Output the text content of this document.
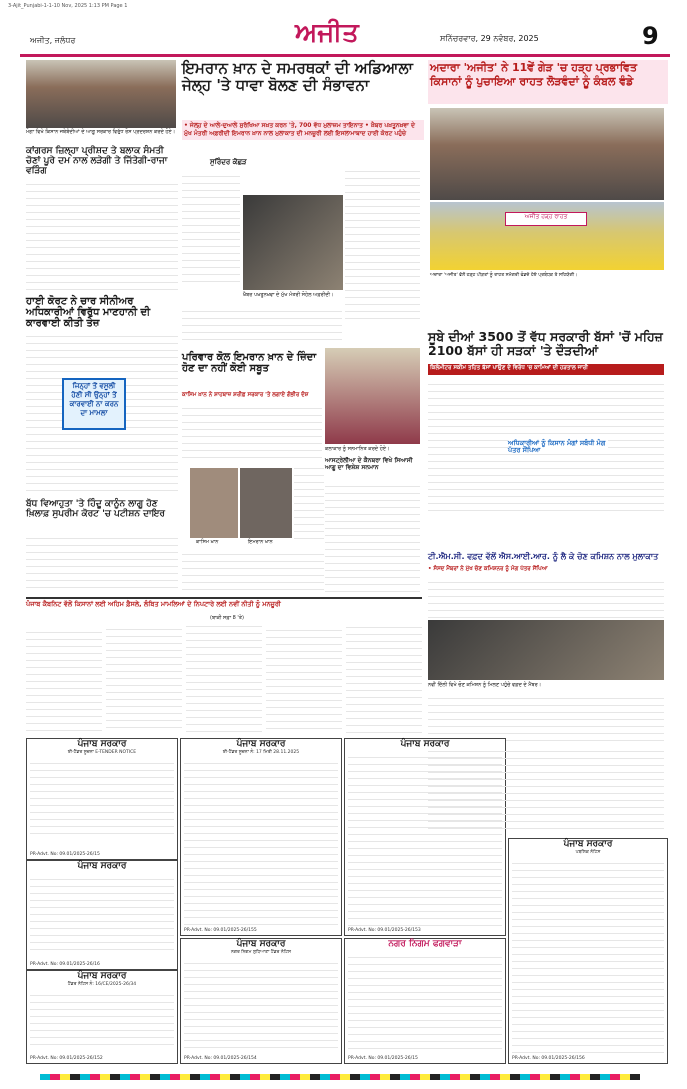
3-Ajit_Punjabi-1-1-10 Nov, 2025 1:13 PM Page 1
ਅਜੀਤ, ਜਲੰਧਰ	ਅਜੀਤ	ਸਨਿੱਚਰਵਾਰ, 29 ਨਵੰਬਰ, 2025	9
ਮੋਗਾ ਵਿਖੇ ਕਿਸਾਨ ਜਥੇਬੰਦੀਆਂ ਦੇ ਆਗੂ ਸਰਕਾਰ ਵਿਰੁੱਧ ਰੋਸ ਪ੍ਰਦਰਸ਼ਨ ਕਰਦੇ ਹੋਏ।
ਕਾਂਗਰਸ ਜ਼ਿਲ੍ਹਾ ਪ੍ਰੀਸ਼ਦ ਤੇ ਬਲਾਕ ਸੰਮਤੀ ਚੋਣਾਂ ਪੂਰੇ ਦਮ ਨਾਲ ਲੜੇਗੀ ਤੇ ਜਿੱਤੇਗੀ-ਰਾਜਾ ਵੜਿੰਗ
ਹਾਈ ਕੋਰਟ ਨੇ ਚਾਰ ਸੀਨੀਅਰ ਅਧਿਕਾਰੀਆਂ ਵਿਰੁੱਧ ਮਾਣਹਾਨੀ ਦੀ ਕਾਰਵਾਈ ਕੀਤੀ ਤੇਜ਼
ਜਿਨ੍ਹਾਂ ਤੋਂ ਵਸੂਲੀ ਹੋਣੀ ਸੀ ਉਨ੍ਹਾਂ ਤੋਂ ਕਾਰਵਾਈ ਨਾ ਕਰਨ ਦਾ ਮਾਮਲਾ
ਬੱਧ ਵਿਆਹੁਤਾ 'ਤੇ ਹਿੰਦੂ ਕਾਨੂੰਨ ਲਾਗੂ ਹੋਣ ਖ਼ਿਲਾਫ਼ ਸੁਪਰੀਮ ਕੋਰਟ 'ਚ ਪਟੀਸ਼ਨ ਦਾਇਰ
ਇਮਰਾਨ ਖ਼ਾਨ ਦੇ ਸਮਰਥਕਾਂ ਦੀ ਅਡਿਆਲਾ ਜੇਲ੍ਹ 'ਤੇ ਧਾਵਾ ਬੋਲਣ ਦੀ ਸੰਭਾਵਨਾ
• ਜੇਲ੍ਹ ਦੇ ਆਲੇ-ਦੁਆਲੇ ਸੁਰੱਖਿਆ ਸਖ਼ਤ ਕਰਨ 'ਤੇ, 700 ਵੱਧ ਮੁਲਾਜ਼ਮ ਤਾਇਨਾਤ • ਖ਼ੈਬਰ ਪਖ਼ਤੂਨਖ਼ਵਾ ਦੇ ਮੁੱਖ ਮੰਤਰੀ ਅਫ਼ਰੀਦੀ ਇਮਰਾਨ ਖ਼ਾਨ ਨਾਲ ਮੁਲਾਕਾਤ ਦੀ ਮਨਜ਼ੂਰੀ ਲਈ ਇਸਲਾਮਾਬਾਦ ਹਾਈ ਕੋਰਟ ਪਹੁੰਚੇ
ਸੁਰਿੰਦਰ ਕੋਛੜ
ਖ਼ੈਬਰ ਪਖ਼ਤੂਨਖ਼ਵਾ ਦੇ ਮੁੱਖ ਮੰਤਰੀ ਸੋਹੇਲ ਅਫ਼ਰੀਦੀ।
ਪਰਿਵਾਰ ਕੋਲ ਇਮਰਾਨ ਖ਼ਾਨ ਦੇ ਜ਼ਿੰਦਾ ਹੋਣ ਦਾ ਨਹੀਂ ਕੋਈ ਸਬੂਤ
ਕਾਸਿਮ ਖ਼ਾਨ ਨੇ ਸ਼ਾਹਬਾਜ਼ ਸ਼ਰੀਫ਼ ਸਰਕਾਰ 'ਤੇ ਲਗਾਏ ਗੰਭੀਰ ਦੋਸ਼
ਕਾਸਿਮ ਖ਼ਾਨ	ਇਮਰਾਨ ਖ਼ਾਨ
ਕਲਾਕਾਰ ਨੂੰ ਸਨਮਾਨਿਤ ਕਰਦੇ ਹੋਏ।
ਆਸਟ੍ਰੇਲੀਆ ਦੇ ਕੈਨਬਰਾ ਵਿਖੇ ਸਿਆਸੀ ਆਗੂ ਦਾ ਵਿਸ਼ੇਸ਼ ਸਨਮਾਨ
ਅਦਾਰਾ 'ਅਜੀਤ' ਨੇ 11ਵੇਂ ਗੇੜ 'ਚ ਹੜ੍ਹ ਪ੍ਰਭਾਵਿਤ ਕਿਸਾਨਾਂ ਨੂੰ ਪੁਚਾਇਆ ਰਾਹਤ ਲੋੜਵੰਦਾਂ ਨੂੰ ਕੰਬਲ ਵੰਡੇ
ਅਜੀਤ ਹੜ੍ਹ ਰਾਹਤ
ਅਦਾਰਾ 'ਅਜੀਤ' ਵੱਲੋਂ ਹੜ੍ਹ ਪੀੜਤਾਂ ਨੂੰ ਰਾਹਤ ਸਮੱਗਰੀ ਵੰਡਦੇ ਹੋਏ ਪ੍ਰਬੰਧਕ ਤੇ ਸਹਿਯੋਗੀ।
ਸੂਬੇ ਦੀਆਂ 3500 ਤੋਂ ਵੱਧ ਸਰਕਾਰੀ ਬੱਸਾਂ 'ਚੋਂ ਮਹਿਜ਼ 2100 ਬੱਸਾਂ ਹੀ ਸੜਕਾਂ 'ਤੇ ਦੌੜਦੀਆਂ
ਕਿਲੋਮੀਟਰ ਸਕੀਮ ਤਹਿਤ ਬੱਸਾਂ ਪਾਉਣ ਦੇ ਵਿਰੋਧ 'ਚ ਕਾਮਿਆਂ ਦੀ ਹੜਤਾਲ ਜਾਰੀ
ਅਧਿਕਾਰੀਆਂ ਨੂੰ ਕਿਸਾਨ ਮੰਗਾਂ ਸਬੰਧੀ ਮੰਗ ਪੱਤਰ ਸੌਂਪਿਆ
ਟੀ.ਐਮ.ਸੀ. ਵਫ਼ਦ ਵੱਲੋਂ ਐਸ.ਆਈ.ਆਰ. ਨੂੰ ਲੈ ਕੇ ਚੋਣ ਕਮਿਸ਼ਨ ਨਾਲ ਮੁਲਾਕਾਤ
• ਸੰਸਦ ਮੈਂਬਰਾਂ ਨੇ ਮੁੱਖ ਚੋਣ ਕਮਿਸ਼ਨਰ ਨੂੰ ਮੰਗ ਪੱਤਰ ਸੌਂਪਿਆ
ਪੰਜਾਬ ਕੈਬਨਿਟ ਵੱਲੋਂ ਕਿਸਾਨਾਂ ਲਈ ਅਹਿਮ ਫ਼ੈਸਲੇ, ਲੰਬਿਤ ਮਾਮਲਿਆਂ ਦੇ ਨਿਪਟਾਰੇ ਲਈ ਨਵੀਂ ਨੀਤੀ ਨੂੰ ਮਨਜ਼ੂਰੀ
(ਬਾਕੀ ਸਫ਼ਾ 8 'ਤੇ)
ਨਵੀਂ ਦਿੱਲੀ ਵਿਖੇ ਚੋਣ ਕਮਿਸ਼ਨ ਨੂੰ ਮਿਲਣ ਪਹੁੰਚੇ ਵਫ਼ਦ ਦੇ ਮੈਂਬਰ।
ਪੰਜਾਬ ਸਰਕਾਰ
ਈ-ਟੈਂਡਰ ਸੂਚਨਾ E-TENDER NOTICE
PR-Advt. No: 09.01/2025-26/15
ਪੰਜਾਬ ਸਰਕਾਰ
PR-Advt. No: 09.01/2025-26/16
ਪੰਜਾਬ ਸਰਕਾਰ
ਟੈਂਡਰ ਨੋਟਿਸ ਨੰ: 16/CE/2025-26/34
PR-Advt. No: 09.01/2025-26/152
ਪੰਜਾਬ ਸਰਕਾਰ
ਈ-ਟੈਂਡਰ ਸੂਚਨਾ ਨੰ: 17 ਮਿਤੀ 28.11.2025
PR-Advt. No: 09.01/2025-26/155
ਪੰਜਾਬ ਸਰਕਾਰ
ਨਗਰ ਨਿਗਮ ਲੁਧਿਆਣਾ ਟੈਂਡਰ ਨੋਟਿਸ
PR-Advt. No: 09.01/2025-26/154
ਪੰਜਾਬ ਸਰਕਾਰ
PR-Advt. No: 09.01/2025-26/153
ਨਗਰ ਨਿਗਮ ਫਗਵਾੜਾ
PR-Advt. No: 09.01/2025-26/15
ਪੰਜਾਬ ਸਰਕਾਰ
ਪਬਲਿਕ ਨੋਟਿਸ
PR-Advt. No: 09.01/2025-26/156
